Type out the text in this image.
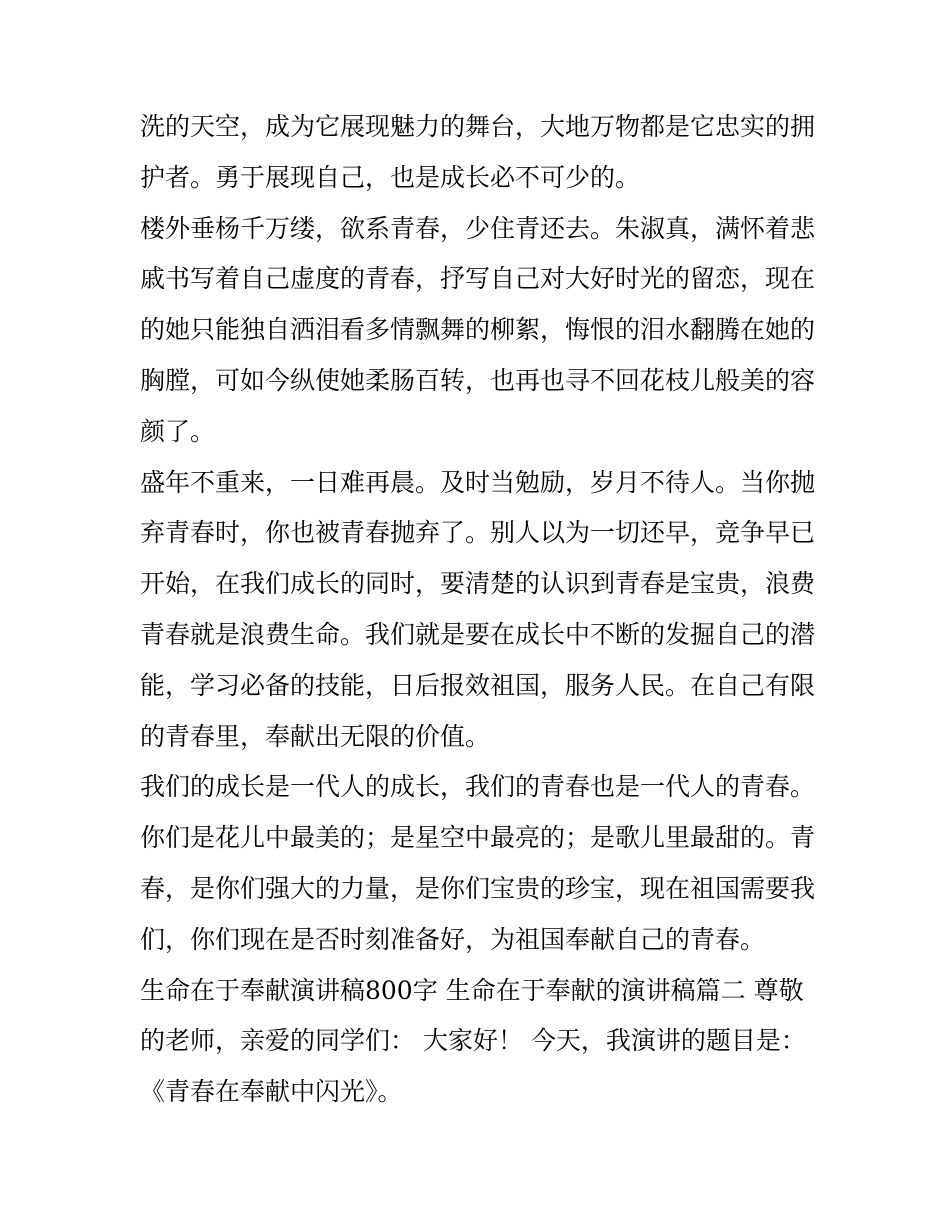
洗的天空，成为它展现魅力的舞台，大地万物都是它忠实的拥
护者。勇于展现自己，也是成长必不可少的。
楼外垂杨千万缕，欲系青春，少住青还去。朱淑真，满怀着悲
戚书写着自己虚度的青春，抒写自己对大好时光的留恋，现在
的她只能独自洒泪看多情飘舞的柳絮，悔恨的泪水翻腾在她的
胸膛，可如今纵使她柔肠百转，也再也寻不回花枝儿般美的容
颜了。
盛年不重来，一日难再晨。及时当勉励，岁月不待人。当你抛
弃青春时，你也被青春抛弃了。别人以为一切还早，竞争早已
开始，在我们成长的同时，要清楚的认识到青春是宝贵，浪费
青春就是浪费生命。我们就是要在成长中不断的发掘自己的潜
能，学习必备的技能，日后报效祖国，服务人民。在自己有限
的青春里，奉献出无限的价值。
我们的成长是一代人的成长，我们的青春也是一代人的青春。
你们是花儿中最美的；是星空中最亮的；是歌儿里最甜的。青
春，是你们强大的力量，是你们宝贵的珍宝，现在祖国需要我
们，你们现在是否时刻准备好，为祖国奉献自己的青春。
生命在于奉献演讲稿800字 生命在于奉献的演讲稿篇二 尊敬
的老师，亲爱的同学们： 大家好！ 今天，我演讲的题目是：
《青春在奉献中闪光》。
